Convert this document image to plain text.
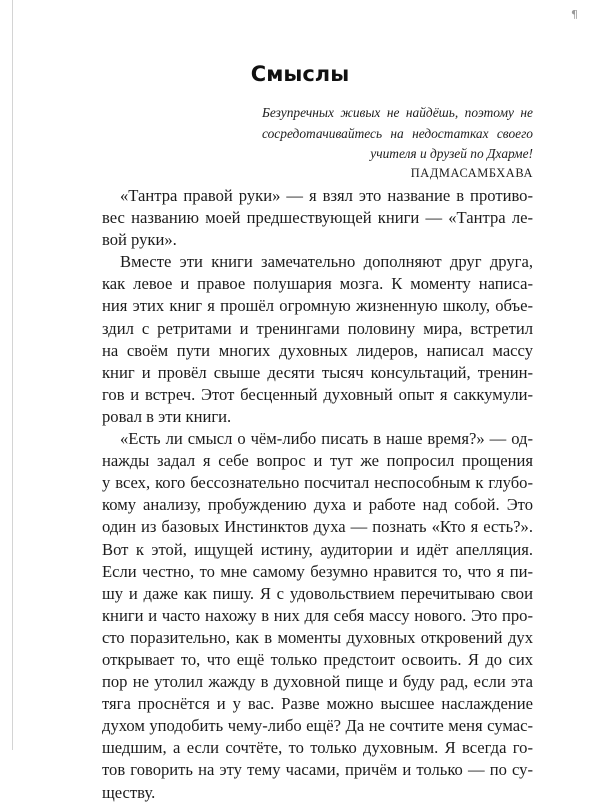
¶
Смыслы
Безупречных живых не найдёшь, поэтому не сосредотачивайтесь на недостатках своего учителя и друзей по Дхарме!
ПАДМАСАМБХАВА

«Тантра правой руки» — я взял это название в противо-
вес названию моей предшествующей книги — «Тантра ле-
вой руки».

Вместе эти книги замечательно дополняют друг друга,
как левое и правое полушария мозга. К моменту написа-
ния этих книг я прошёл огромную жизненную школу, объе-
здил с ретритами и тренингами половину мира, встретил
на своём пути многих духовных лидеров, написал массу
книг и провёл свыше десяти тысяч консультаций, тренин-
гов и встреч. Этот бесценный духовный опыт я саккумули-
ровал в эти книги.

«Есть ли смысл о чём-либо писать в наше время?» — од-
нажды задал я себе вопрос и тут же попросил прощения
у всех, кого бессознательно посчитал неспособным к глубо-
кому анализу, пробуждению духа и работе над собой. Это
один из базовых Инстинктов духа — познать «Кто я есть?».
Вот к этой, ищущей истину, аудитории и идёт апелляция.
Если честно, то мне самому безумно нравится то, что я пи-
шу и даже как пишу. Я с удовольствием перечитываю свои
книги и часто нахожу в них для себя массу нового. Это про-
сто поразительно, как в моменты духовных откровений дух
открывает то, что ещё только предстоит освоить. Я до сих
пор не утолил жажду в духовной пище и буду рад, если эта
тяга проснётся и у вас. Разве можно высшее наслаждение
духом уподобить чему-либо ещё? Да не сочтите меня сумас-
шедшим, а если сочтёте, то только духовным. Я всегда го-
тов говорить на эту тему часами, причём и только — по су-
ществу.
